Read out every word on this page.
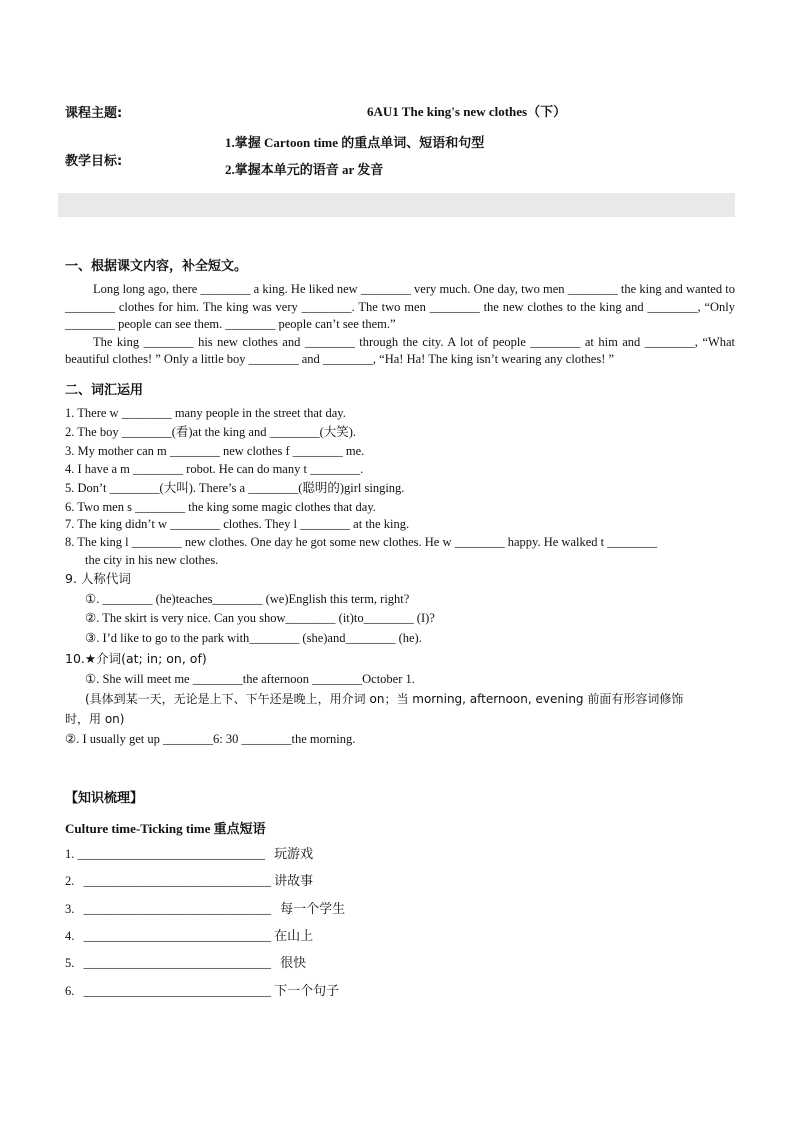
课程主题:	6AU1 The king's new clothes（下）
教学目标:
1.掌握 Cartoon time 的重点单词、短语和句型
2.掌握本单元的语音 ar 发音
一、根据课文内容，补全短文。

Long long ago, there ________ a king. He liked new ________ very much. One day, two men ________ the king and wanted to ________ clothes for him. The king was very ________. The two men ________ the new clothes to the king and ________, “Only ________ people can see them. ________ people can’t see them.”

The king ________ his new clothes and ________ through the city. A lot of people ________ at him and ________, “What beautiful clothes! ” Only a little boy ________ and ________, “Ha! Ha! The king isn’t wearing any clothes! ”

二、词汇运用
1. There w ________ many people in the street that day.
2. The boy ________(看)at the king and ________(大笑).
3. My mother can m ________ new clothes f ________ me.
4. I have a m ________ robot. He can do many t ________.
5. Don’t ________(大叫). There’s a ________(聪明的)girl singing.
6. Two men s ________ the king some magic clothes that day.
7. The king didn’t w ________ clothes. They l ________ at the king.
8. The king l ________ new clothes. One day he got some new clothes. He w ________ happy. He walked t ________
the city in his new clothes.
9. 人称代词
①. ________ (he)teaches________ (we)English this term, right?
②. The skirt is very nice. Can you show________ (it)to________ (I)?
③. I’d like to go to the park with________ (she)and________ (he).
10.★介词(at; in; on, of)
①. She will meet me ________the afternoon ________October 1.
(具体到某一天，无论是上下、下午还是晚上，用介词 on；当 morning, afternoon, evening 前面有形容词修饰
时，用 on)
②. I usually get up ________6: 30 ________the morning.
【知识梳理】
Culture time-Ticking time 重点短语
1. ______________________________ 玩游戏
2. ______________________________ 讲故事
3. ______________________________ 每一个学生
4. ______________________________ 在山上
5. ______________________________ 很快
6. ______________________________ 下一个句子
